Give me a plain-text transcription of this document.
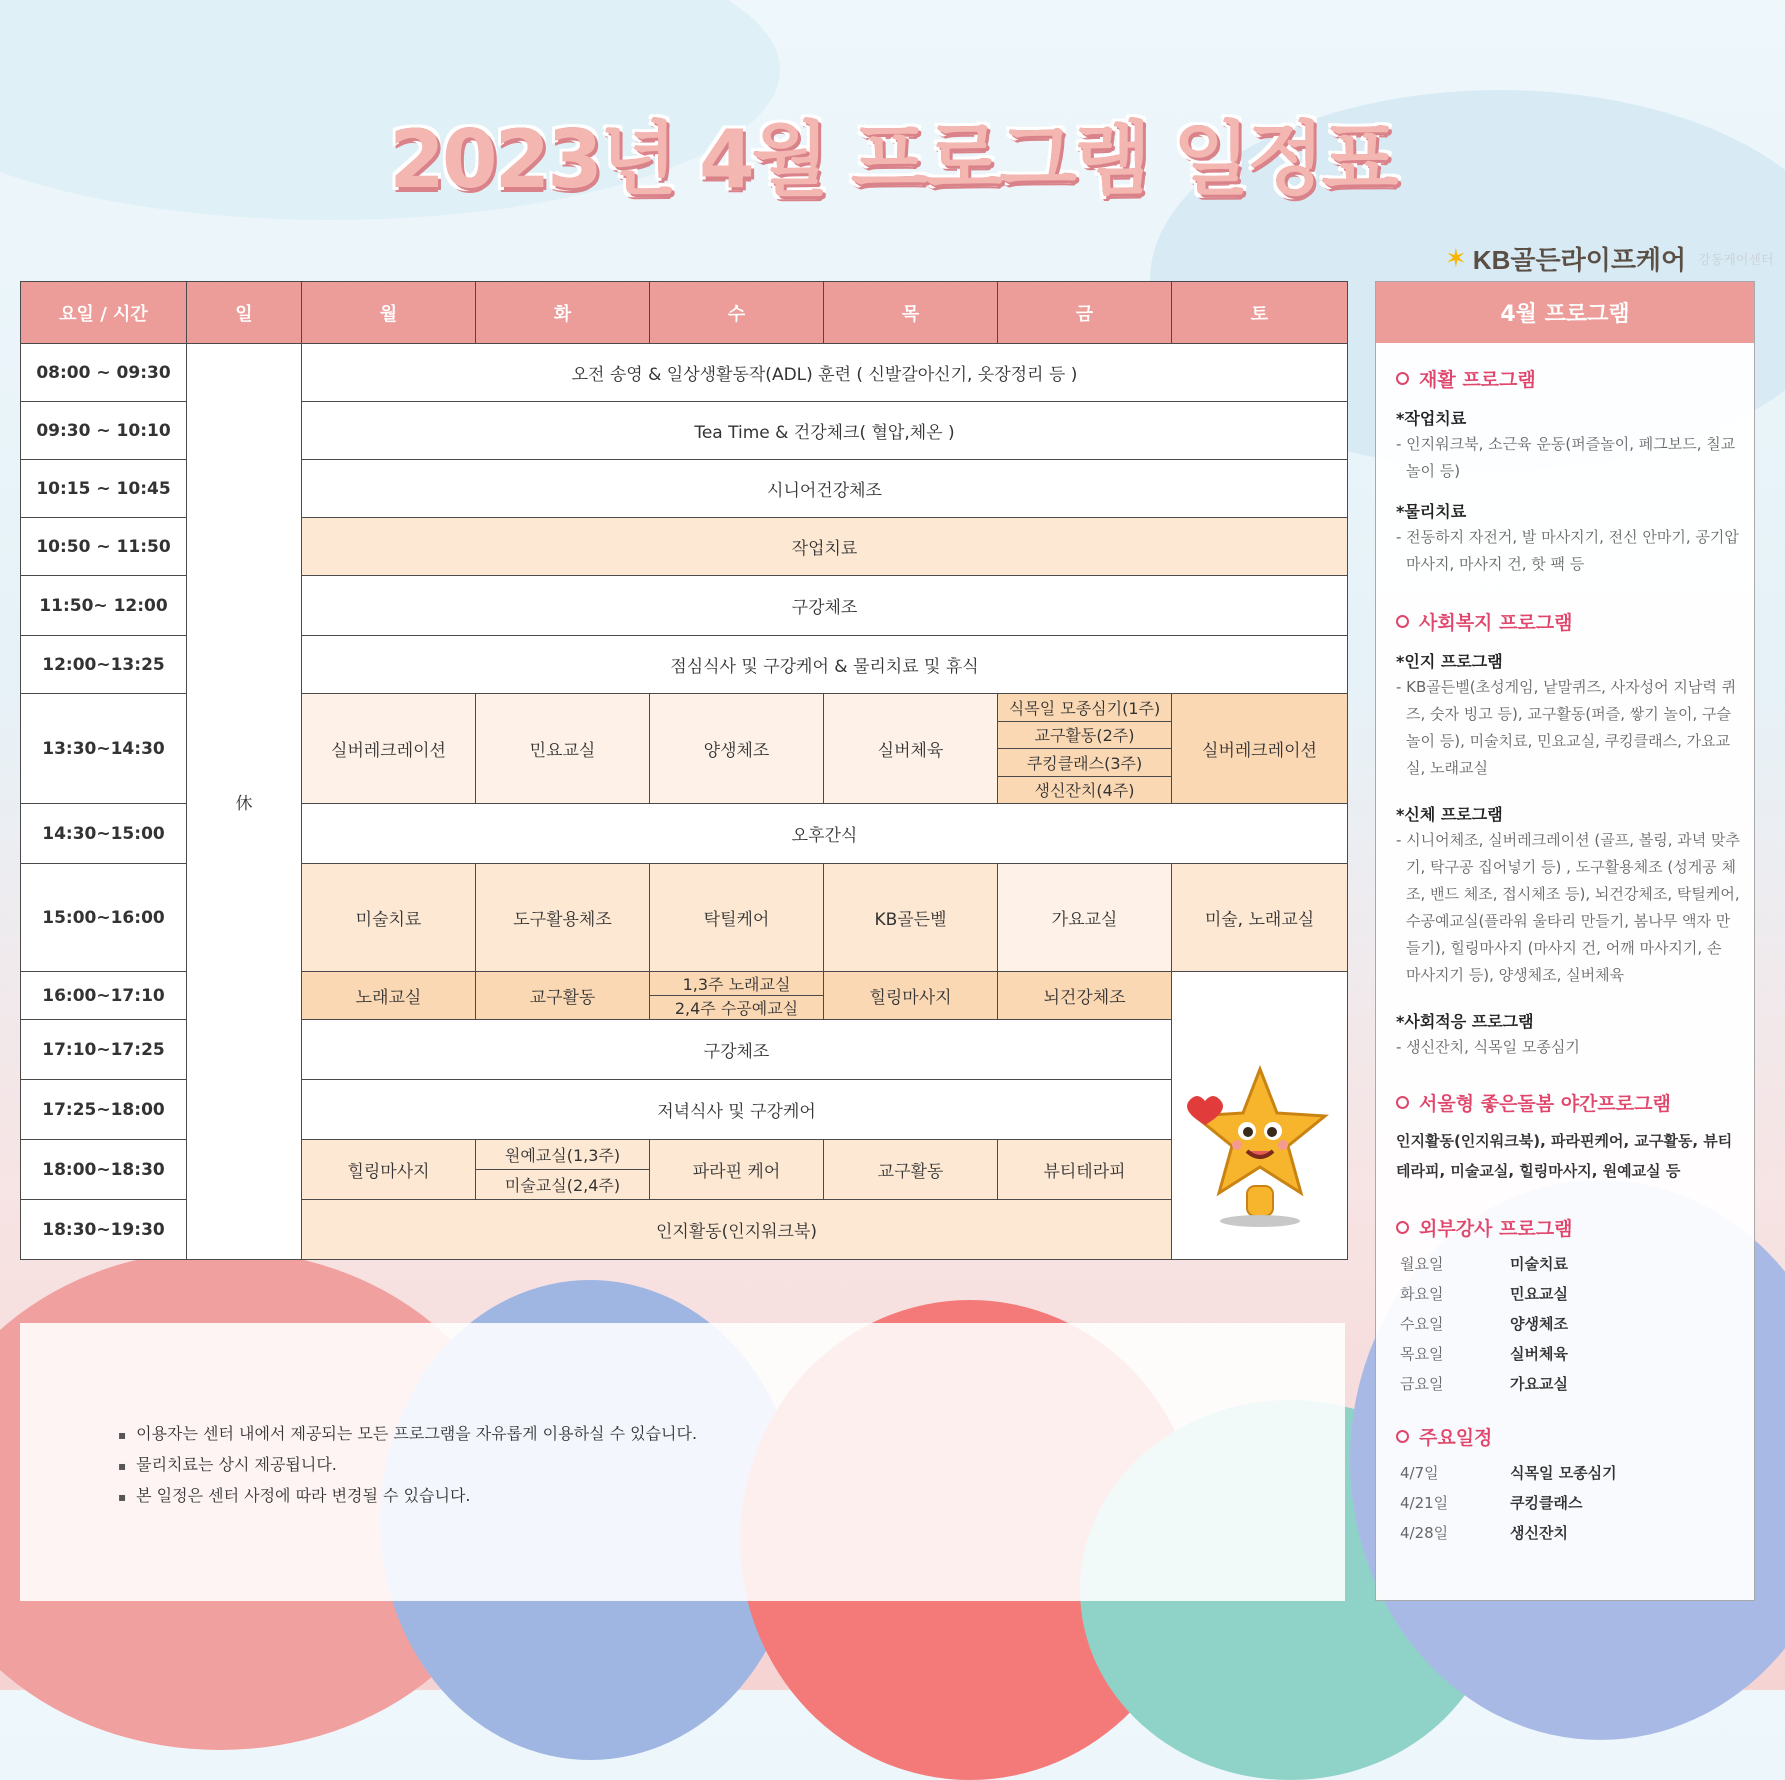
2023년 4월 프로그램 일정표
✶ KB골든라이프케어 강동케어센터
요일 / 시간	일	월	화	수	목	금	토
08:00 ~ 09:30	休	오전 송영 & 일상생활동작(ADL) 훈련 ( 신발갈아신기, 옷장정리 등 )					
09:30 ~ 10:10		Tea Time & 건강체크( 혈압,체온 )					
10:15 ~ 10:45		시니어건강체조					
10:50 ~ 11:50		작업치료					
11:50~ 12:00		구강체조					
12:00~13:25		점심식사 및 구강케어 & 물리치료 및 휴식					
13:30~14:30		실버레크레이션	민요교실	양생체조	실버체육	식목일 모종심기(1주)
교구활동(2주)
쿠킹클래스(3주)
생신잔치(4주)	실버레크레이션
14:30~15:00		오후간식					
15:00~16:00		미술치료	도구활용체조	탁틸케어	KB골든벨	가요교실	미술, 노래교실
16:00~17:10		노래교실	교구활동	1,3주 노래교실
2,4주 수공예교실	힐링마사지	뇌건강체조	

17:10~17:25		구강체조					
17:25~18:00		저녁식사 및 구강케어					
18:00~18:30		힐링마사지	원예교실(1,3주)
미술교실(2,4주)	파라핀 케어	교구활동	뷰티테라피	
18:30~19:30		인지활동(인지워크북)					
▪ 이용자는 센터 내에서 제공되는 모든 프로그램을 자유롭게 이용하실 수 있습니다.
▪ 물리치료는 상시 제공됩니다.
▪ 본 일정은 센터 사정에 따라 변경될 수 있습니다.
4월 프로그램
재활 프로그램
*작업치료
- 인지워크북, 소근육 운동(퍼즐놀이, 페그보드, 칠교놀이 등)
*물리치료
- 전동하지 자전거, 발 마사지기, 전신 안마기, 공기압 마사지, 마사지 건, 핫 팩 등
사회복지 프로그램
*인지 프로그램
- KB골든벨(초성게임, 낱말퀴즈, 사자성어 지남력 퀴즈, 숫자 빙고 등), 교구활동(퍼즐, 쌓기 놀이, 구슬놀이 등), 미술치료, 민요교실, 쿠킹클래스, 가요교실, 노래교실
*신체 프로그램
- 시니어체조, 실버레크레이션 (골프, 볼링, 과녁 맞추기, 탁구공 집어넣기 등) , 도구활용체조 (성게공 체조, 밴드 체조, 접시체조 등), 뇌건강체조, 탁틸케어, 수공예교실(플라워 울타리 만들기, 봄나무 액자 만들기), 힐링마사지 (마사지 건, 어깨 마사지기, 손 마사지기 등), 양생체조, 실버체육
*사회적응 프로그램
- 생신잔치, 식목일 모종심기
서울형 좋은돌봄 야간프로그램
인지활동(인지워크북), 파라핀케어, 교구활동, 뷰티테라피, 미술교실, 힐링마사지, 원예교실 등
외부강사 프로그램
월요일	미술치료
화요일	민요교실
수요일	양생체조
목요일	실버체육
금요일	가요교실
주요일정
4/7일	식목일 모종심기
4/21일	쿠킹클래스
4/28일	생신잔치
